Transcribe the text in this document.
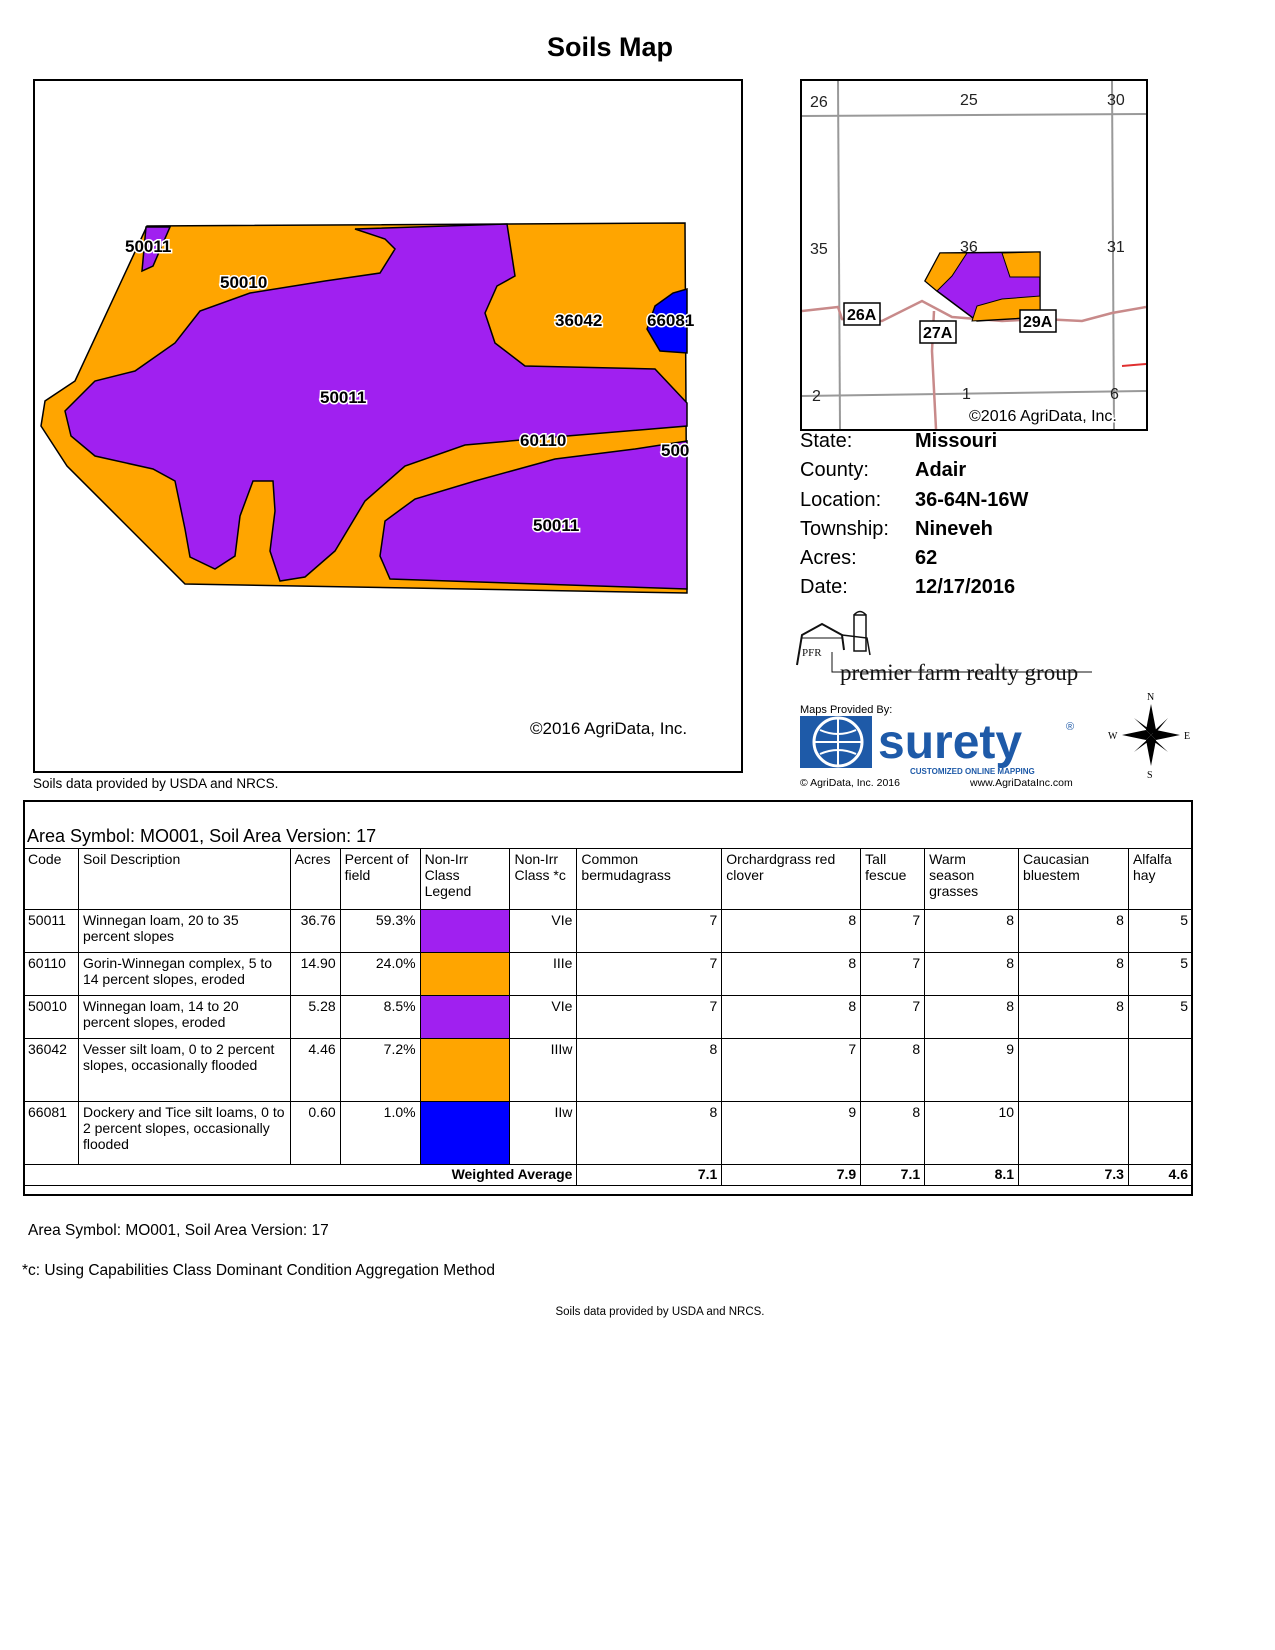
Soils Map
50011
50010
50011
36042	66081
60110
500
50011
©2016 AgriData, Inc.
Soils data provided by USDA and NRCS.
26	25	30
35	36	31
2	1	6
26A
27A
29A
©2016 AgriData, Inc.
State:	Missouri
County:	Adair
Location:	36-64N-16W
Township:	Nineveh
Acres:	62
Date:	12/17/2016
PFR
premier farm realty group
Maps Provided By:
surety	®
CUSTOMIZED ONLINE MAPPING
© AgriData, Inc. 2016	www.AgriDataInc.com
N
S
E
W
Area Symbol: MO001, Soil Area Version: 17
Code	Soil Description	Acres	Percent of field	Non-Irr Class Legend	Non-Irr Class *c	Common bermudagrass	Orchardgrass red clover	Tall fescue	Warm season grasses	Caucasian bluestem	Alfalfa hay
50011	Winnegan loam, 20 to 35 percent slopes	36.76	59.3%		VIe	7	8	7	8	8	5
60110	Gorin-Winnegan complex, 5 to 14 percent slopes, eroded	14.90	24.0%		IIIe	7	8	7	8	8	5
50010	Winnegan loam, 14 to 20 percent slopes, eroded	5.28	8.5%		VIe	7	8	7	8	8	5
36042	Vesser silt loam, 0 to 2 percent slopes, occasionally flooded	4.46	7.2%		IIIw	8	7	8	9		
66081	Dockery and Tice silt loams, 0 to 2 percent slopes, occasionally flooded	0.60	1.0%		IIw	8	9	8	10		
Weighted Average						7.1	7.9	7.1	8.1	7.3	4.6
Area Symbol: MO001, Soil Area Version: 17
*c: Using Capabilities Class Dominant Condition Aggregation Method
Soils data provided by USDA and NRCS.
